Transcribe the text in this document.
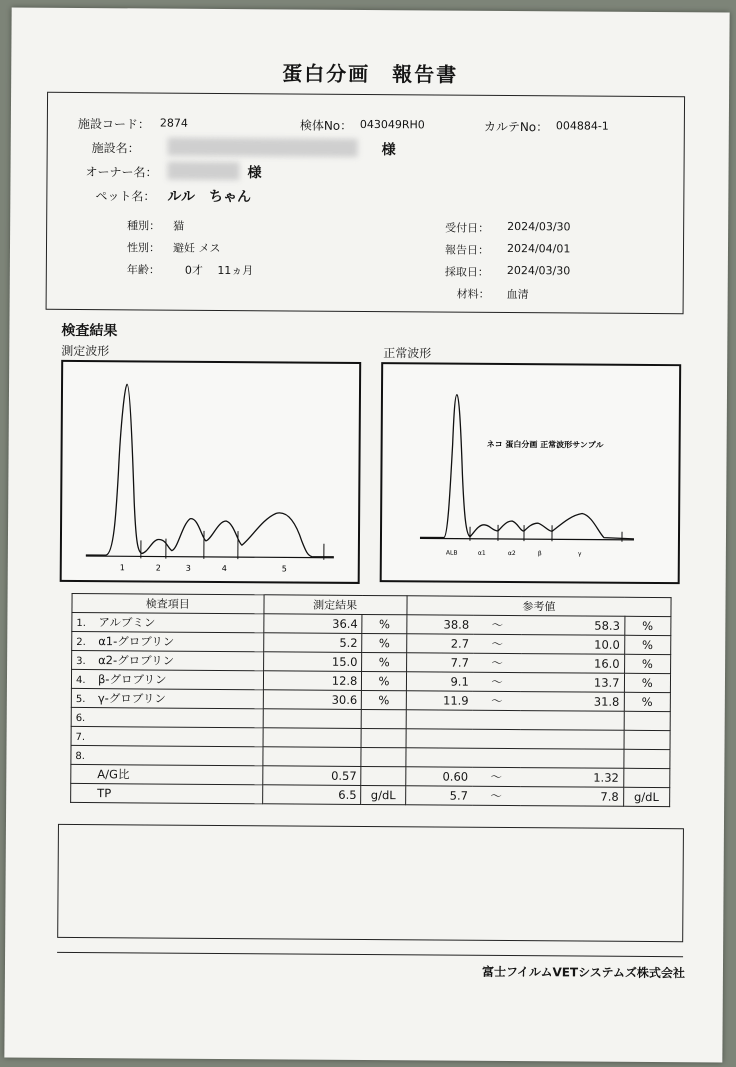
蛋白分画　報告書
施設コード： 2874	検体No： 043049RH0	カルテNo： 004884-1
施設名：	様
オーナー名：	様
ペット名： ルル　ちゃん
種別： 猫
性別： 避妊 メス
年齢： 0才　 11ヵ月
受付日： 2024/03/30
報告日： 2024/04/01
採取日： 2024/03/30
材料： 血清
検査結果
測定波形	正常波形
1	2	3	4	5
ネコ 蛋白分画 正常波形サンプル
ALB	α1	α2	β	γ
検査項目	測定結果		参考値			
1. アルブミン	36.4	%	38.8	～	58.3	%
2. α1-グロブリン	5.2	%	2.7	～	10.0	%
3. α2-グロブリン	15.0	%	7.7	～	16.0	%
4. β-グロブリン	12.8	%	9.1	～	13.7	%
5. γ-グロブリン	30.6	%	11.9	～	31.8	%
6.						
7.						
8.						
A/G比	0.57		0.60	～	1.32	
TP	6.5	g/dL	5.7	～	7.8	g/dL
富士フイルムVETシステムズ株式会社
